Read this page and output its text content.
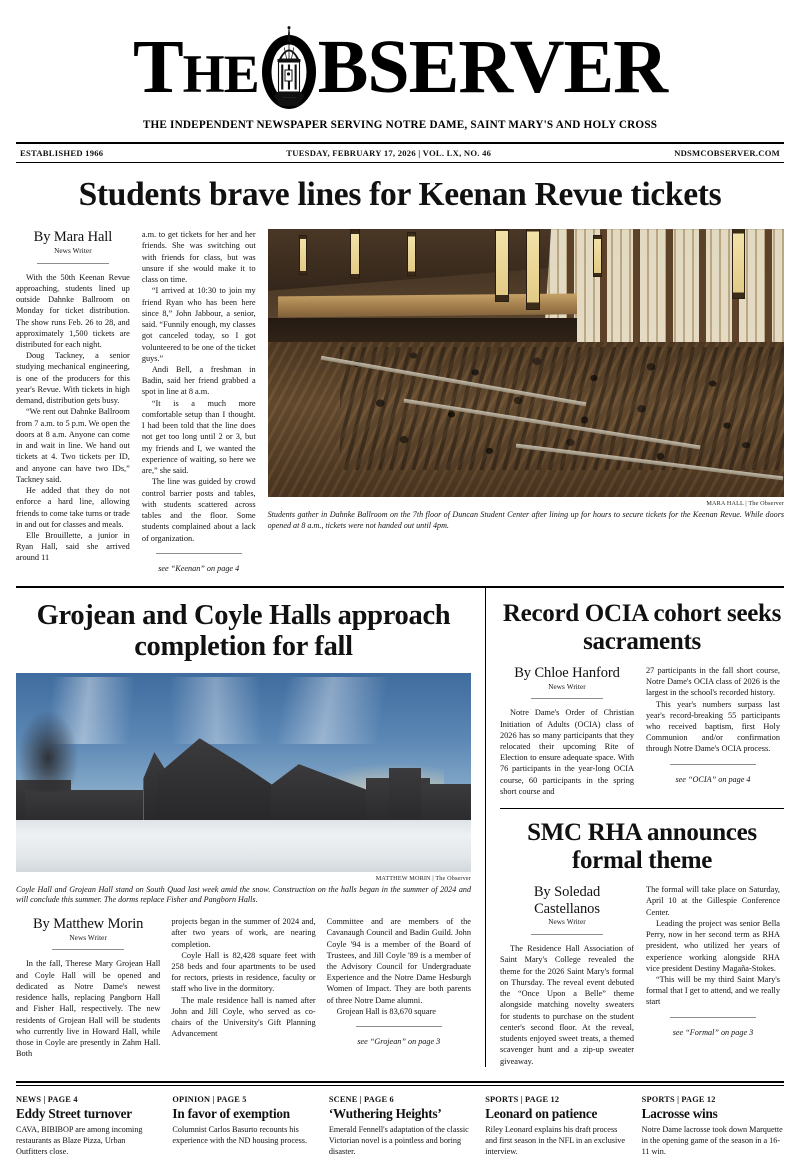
THE BSERVER
THE INDEPENDENT NEWSPAPER SERVING NOTRE DAME, SAINT MARY'S AND HOLY CROSS
ESTABLISHED 1966	TUESDAY, FEBRUARY 17, 2026 | VOL. LX, NO. 46	NDSMCOBSERVER.COM
Students brave lines for Keenan Revue tickets
By Mara Hall
News Writer

With the 50th Keenan Revue approaching, students lined up outside Dahnke Ballroom on Monday for ticket distribution. The show runs Feb. 26 to 28, and approximately 1,500 tickets are distributed for each night.

Doug Tackney, a senior studying mechanical engineering, is one of the producers for this year's Revue. With tickets in high demand, distribution gets busy.

“We rent out Dahnke Ballroom from 7 a.m. to 5 p.m. We open the doors at 8 a.m. Anyone can come in and wait in line. We hand out tickets at 4. Two tickets per ID, and anyone can have two IDs,” Tackney said.

He added that they do not enforce a hard line, allowing friends to come take turns or trade in and out for classes and meals.

Elle Brouillette, a junior in Ryan Hall, said she arrived around 11

a.m. to get tickets for her and her friends. She was switching out with friends for class, but was unsure if she would make it to class on time.

“I arrived at 10:30 to join my friend Ryan who has been here since 8,” John Jabbour, a senior, said. “Funnily enough, my classes got canceled today, so I got volunteered to be one of the ticket guys.”

Andi Bell, a freshman in Badin, said her friend grabbed a spot in line at 8 a.m.

“It is a much more comfortable setup than I thought. I had been told that the line does not get too long until 2 or 3, but my friends and I, we wanted the experience of waiting, so here we are,” she said.

The line was guided by crowd control barrier posts and tables, with students scattered across tables and the floor. Some students complained about a lack of organization.

see “Keenan” on page 4
MARA HALL | The Observer
Students gather in Dahnke Ballroom on the 7th floor of Duncan Student Center after lining up for hours to secure tickets for the Keenan Revue. While doors opened at 8 a.m., tickets were not handed out until 4pm.
Grojean and Coyle Halls approach completion for fall
MATTHEW MORIN | The Observer
Coyle Hall and Grojean Hall stand on South Quad last week amid the snow. Construction on the halls began in the summer of 2024 and will conclude this summer. The dorms replace Fisher and Pangborn Halls.
By Matthew Morin
News Writer

In the fall, Therese Mary Grojean Hall and Coyle Hall will be opened and dedicated as Notre Dame's newest residence halls, replacing Pangborn Hall and Fisher Hall, respectively. The new residents of Grojean Hall will be students who currently live in Howard Hall, while those in Coyle are presently in Zahm Hall. Both

projects began in the summer of 2024 and, after two years of work, are nearing completion.

Coyle Hall is 82,428 square feet with 258 beds and four apartments to be used for rectors, priests in residence, faculty or staff who live in the dormitory.

The male residence hall is named after John and Jill Coyle, who served as co-chairs of the University's Gift Planning Advancement

Committee and are members of the Cavanaugh Council and Badin Guild. John Coyle '94 is a member of the Board of Trustees, and Jill Coyle '89 is a member of the Advisory Council for Undergraduate Experience and the Notre Dame Hesburgh Women of Impact. They are both parents of three Notre Dame alumni.

Grojean Hall is 83,670 square

see “Grojean” on page 3
Record OCIA cohort seeks sacraments
By Chloe Hanford
News Writer

Notre Dame's Order of Christian Initiation of Adults (OCIA) class of 2026 has so many participants that they relocated their upcoming Rite of Election to ensure adequate space. With 76 participants in the year-long OCIA course, 60 participants in the spring short course and

27 participants in the fall short course, Notre Dame's OCIA class of 2026 is the largest in the school's recorded history.

This year's numbers surpass last year's record-breaking 55 participants who received baptism, first Holy Communion and/or confirmation through Notre Dame's OCIA process.

see “OCIA” on page 4
SMC RHA announces formal theme
By Soledad Castellanos
News Writer

The Residence Hall Association of Saint Mary's College revealed the theme for the 2026 Saint Mary's formal on Thursday. The reveal event debuted the “Once Upon a Belle” theme alongside matching novelty sweaters for students to purchase on the student center's second floor. At the reveal, students enjoyed sweet treats, a themed scavenger hunt and a zip-up sweater giveaway.

The formal will take place on Saturday, April 10 at the Gillespie Conference Center.

Leading the project was senior Bella Perry, now in her second term as RHA president, who utilized her years of experience working alongside RHA vice president Destiny Magaña-Stokes.

“This will be my third Saint Mary's formal that I get to attend, and we really start

see “Formal” on page 3
NEWS | PAGE 4
Eddy Street turnover
CAVA, BIBIBOP are among incoming restaurants as Blaze Pizza, Urban Outfitters close.
OPINION | PAGE 5
In favor of exemption
Columnist Carlos Basurto recounts his experience with the ND housing process.
SCENE | PAGE 6
‘Wuthering Heights’
Emerald Fennell's adaptation of the classic Victorian novel is a pointless and boring disaster.
SPORTS | PAGE 12
Leonard on patience
Riley Leonard explains his draft process and first season in the NFL in an exclusive interview.
SPORTS | PAGE 12
Lacrosse wins
Notre Dame lacrosse took down Marquette in the opening game of the season in a 16-11 win.
